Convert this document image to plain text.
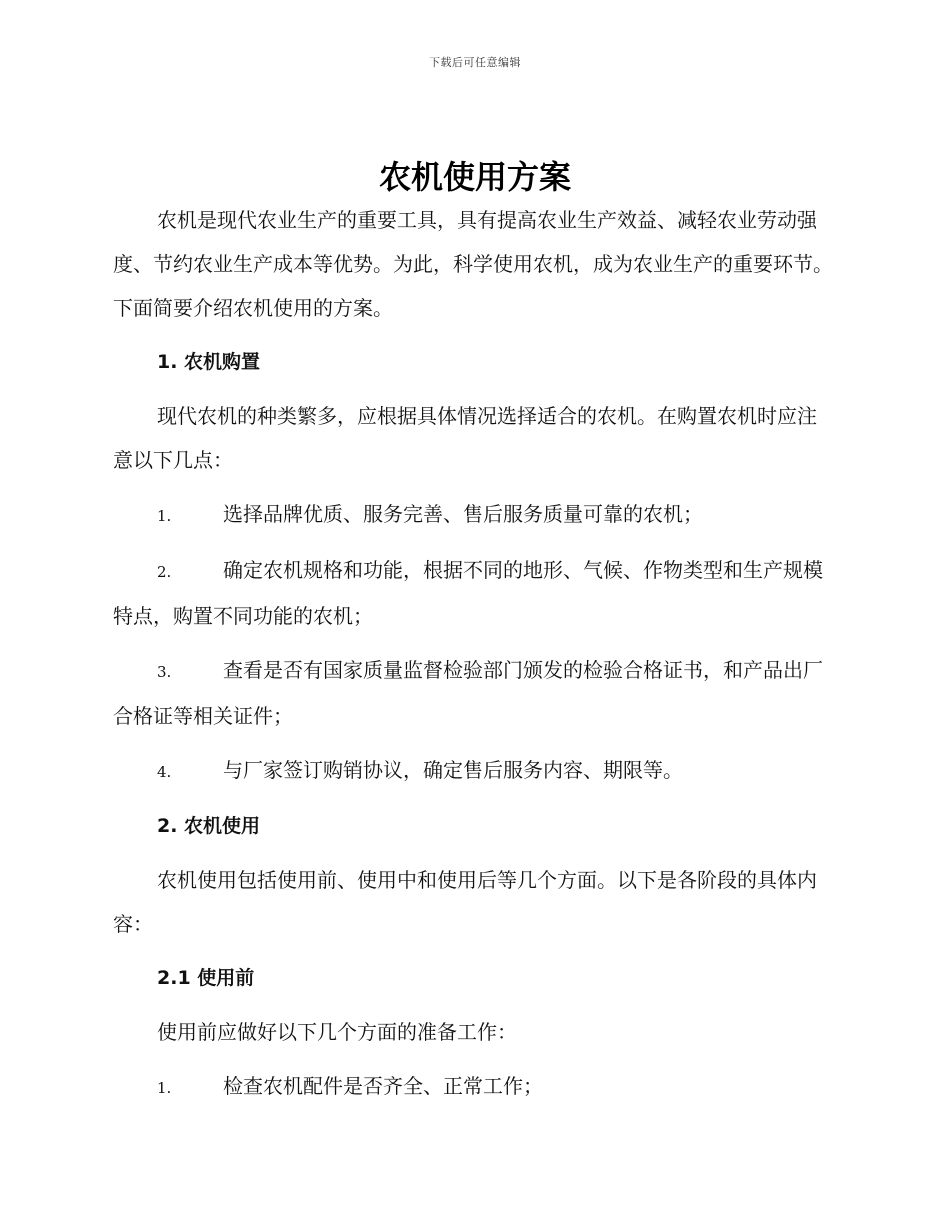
下载后可任意编辑
农机使用方案

农机是现代农业生产的重要工具，具有提高农业生产效益、减轻农业劳动强度、节约农业生产成本等优势。为此，科学使用农机，成为农业生产的重要环节。下面简要介绍农机使用的方案。

1. 农机购置

现代农机的种类繁多，应根据具体情况选择适合的农机。在购置农机时应注意以下几点：

1.	选择品牌优质、服务完善、售后服务质量可靠的农机；

2.	确定农机规格和功能，根据不同的地形、气候、作物类型和生产规模特点，购置不同功能的农机；

3.	查看是否有国家质量监督检验部门颁发的检验合格证书，和产品出厂合格证等相关证件；

4.	与厂家签订购销协议，确定售后服务内容、期限等。

2. 农机使用

农机使用包括使用前、使用中和使用后等几个方面。以下是各阶段的具体内容：

2.1 使用前

使用前应做好以下几个方面的准备工作：

1.	检查农机配件是否齐全、正常工作；
